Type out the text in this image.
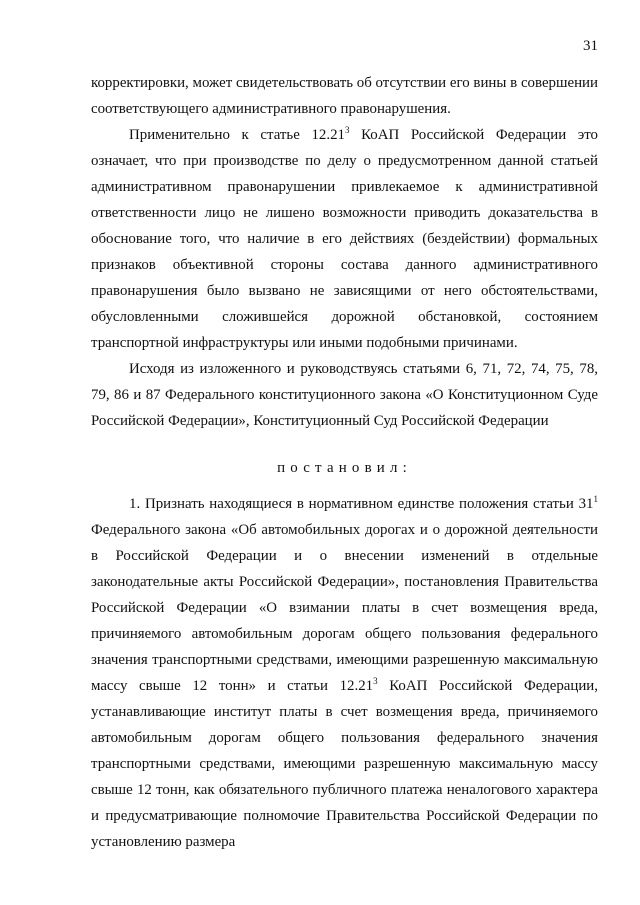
31

корректировки, может свидетельствовать об отсутствии его вины в совершении соответствующего административного правонарушения.

Применительно к статье 12.21$^3$ КоАП Российской Федерации это означает, что при производстве по делу о предусмотренном данной статьей административном правонарушении привлекаемое к административной ответственности лицо не лишено возможности приводить доказательства в обоснование того, что наличие в его действиях (бездействии) формальных признаков объективной стороны состава данного административного правонарушения было вызвано не зависящими от него обстоятельствами, обусловленными сложившейся дорожной обстановкой, состоянием транспортной инфраструктуры или иными подобными причинами.

Исходя из изложенного и руководствуясь статьями 6, 71, 72, 74, 75, 78, 79, 86 и 87 Федерального конституционного закона «О Конституционном Суде Российской Федерации», Конституционный Суд Российской Федерации

постановил:

1. Признать находящиеся в нормативном единстве положения статьи $31^1$ Федерального закона «Об автомобильных дорогах и о дорожной деятельности в Российской Федерации и о внесении изменений в отдельные законодательные акты Российской Федерации», постановления Правительства Российской Федерации «О взимании платы в счет возмещения вреда, причиняемого автомобильным дорогам общего пользования федерального значения транспортными средствами, имеющими разрешенную максимальную массу свыше 12 тонн» и статьи 12.21$^3$ КоАП Российской Федерации, устанавливающие институт платы в счет возмещения вреда, причиняемого автомобильным дорогам общего пользования федерального значения транспортными средствами, имеющими разрешенную максимальную массу свыше 12 тонн, как обязательного публичного платежа неналогового характера и предусматривающие полномочие Правительства Российской Федерации по установлению размера
